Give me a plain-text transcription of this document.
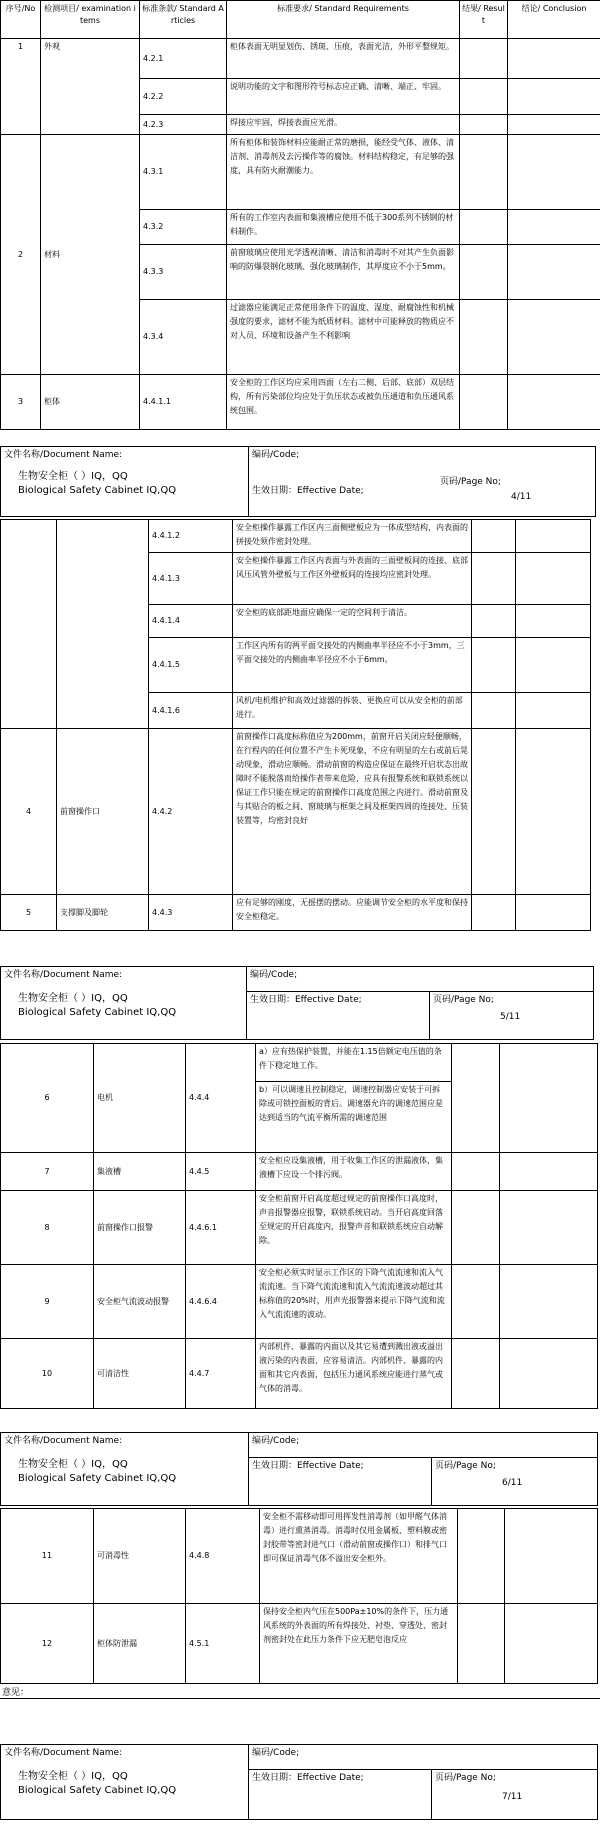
序号/No	检测项目/ examination items	标准条款/ Standard Articles	标准要求/ Standard Requirements	结果/ Result	结论/ Conclusion
1	外观	4.2.1	柜体表面无明显划伤、锈斑、压痕，表面光洁，外形平整规矩。		
		4.2.2	说明功能的文字和图形符号标志应正确、清晰、端正、牢固。		
		4.2.3	焊接应牢固，焊接表面应光滑。		
2	材料	4.3.1	所有柜体和装饰材料应能耐正常的磨损，能经受气体、液体、清洁剂、消毒剂及去污操作等的腐蚀。材料结构稳定，有足够的强度，具有防火耐潮能力。		
		4.3.2	所有的工作室内表面和集液槽应使用不低于300系列不锈钢的材料制作。		
		4.3.3	前窗玻璃应使用光学透视清晰、清洁和消毒时不对其产生负面影响的防爆裂钢化玻璃、强化玻璃制作，其厚度应不小于5mm。		
		4.3.4	过滤器应能满足正常使用条件下的温度、湿度、耐腐蚀性和机械强度的要求，滤材不能为纸质材料。滤材中可能释放的物质应不对人员、环境和设备产生不利影响		
3	柜体	4.4.1.1	安全柜的工作区均应采用四面（左右二侧、后部、底部）双层结构，所有污染部位均应处于负压状态或被负压通道和负压通风系统包围。		
文件名称/Document Name:
生物安全柜（ ）IQ，QQ
Biological Safety Cabinet IQ,QQ
	编码/Code;

生效日期：Effective Date;
页码/Page No;
4/11
		4.4.1.2	安全柜操作暴露工作区内三面侧壁板应为一体成型结构，内表面的拼接处须作密封处理。		
		4.4.1.3	安全柜操作暴露工作区内表面与外表面的三面壁板间的连接、底部风压风管外壁板与工作区外壁板间的连接均应密封处理。		
		4.4.1.4	安全柜的底部距地面应确保一定的空间利于清洁。		
		4.4.1.5	工作区内所有的两平面交接处的内侧曲率半径应不小于3mm，三平面交接处的内侧曲率半径应不小于6mm。		
		4.4.1.6	风机/电机维护和高效过滤器的拆装、更换应可以从安全柜的前部进行。		
4	前窗操作口	4.4.2	前窗操作口高度标称值应为200mm，前窗开启关闭应轻便顺畅，在行程内的任何位置不产生卡死现象，不应有明显的左右或前后晃动现象，滑动应顺畅。滑动前窗的构造应保证在最终开启状态出故障时不能脱落而给操作者带来危险，应具有报警系统和联锁系统以保证工作只能在规定的前窗操作口高度范围之内进行。滑动前窗及与其贴合的板之间、窗玻璃与框架之间及框架四周的连接处、压装装置等，均密封良好		
5	支撑脚及脚轮	4.4.3	应有足够的刚度，无摇摆的摆动。应能调节安全柜的水平度和保持安全柜稳定。		
文件名称/Document Name:
生物安全柜（ ）IQ，QQ
Biological Safety Cabinet IQ,QQ	编码/Code;	
	生效日期：Effective Date;	页码/Page No;
5/11
6	电机	4.4.4	a）应有热保护装置，并能在1.15倍额定电压值的条件下稳定地工作。		
			b）可以调速且控制稳定，调速控制器应安装于可拆除或可锁控面板的背后。调速器允许的调速范围应是达到适当的气流平衡所需的调速范围		
7	集液槽	4.4.5	安全柜应设集液槽，用于收集工作区的泄漏液体，集液槽下应设一个排污阀。		
8	前窗操作口报警	4.4.6.1	安全柜前窗开启高度超过规定的前窗操作口高度时，声音报警器应报警，联锁系统启动。当开启高度回落至规定的开启高度内，报警声音和联锁系统应自动解除。		
9	安全柜气流波动报警	4.4.6.4	安全柜必须实时显示工作区的下降气流流速和流入气流流速。当下降气流流速和流入气流流速波动超过其标称值的20%时，用声光报警器来提示下降气流和流入气流流速的波动。		
10	可清洁性	4.4.7	内部机件、暴露的内面以及其它易遭到溅出液或溢出液污染的内表面，应容易清洁。内部机件、暴露的内面和其它内表面，包括压力通风系统应能进行蒸气或气体的消毒。		
文件名称/Document Name:
生物安全柜（ ）IQ，QQ
Biological Safety Cabinet IQ,QQ	编码/Code;	
	生效日期：Effective Date;	页码/Page No;
6/11
11	可消毒性	4.4.8	安全柜不需移动即可用挥发性消毒剂（如甲醛气体消毒）进行熏蒸消毒。消毒时仅用金属板、塑料膜或密封胶带等密封进气口（滑动前窗或操作口）和排气口即可保证消毒气体不溢出安全柜外。		
12	柜体防泄漏	4.5.1	保持安全柜内气压在500Pa±10%的条件下，压力通风系统的外表面的所有焊接处、衬垫、穿透处、密封剂密封处在此压力条件下应无肥皂泡反应		
意见：
文件名称/Document Name:
生物安全柜（ ）IQ，QQ
Biological Safety Cabinet IQ,QQ	编码/Code;	
	生效日期：Effective Date;	页码/Page No;
7/11
